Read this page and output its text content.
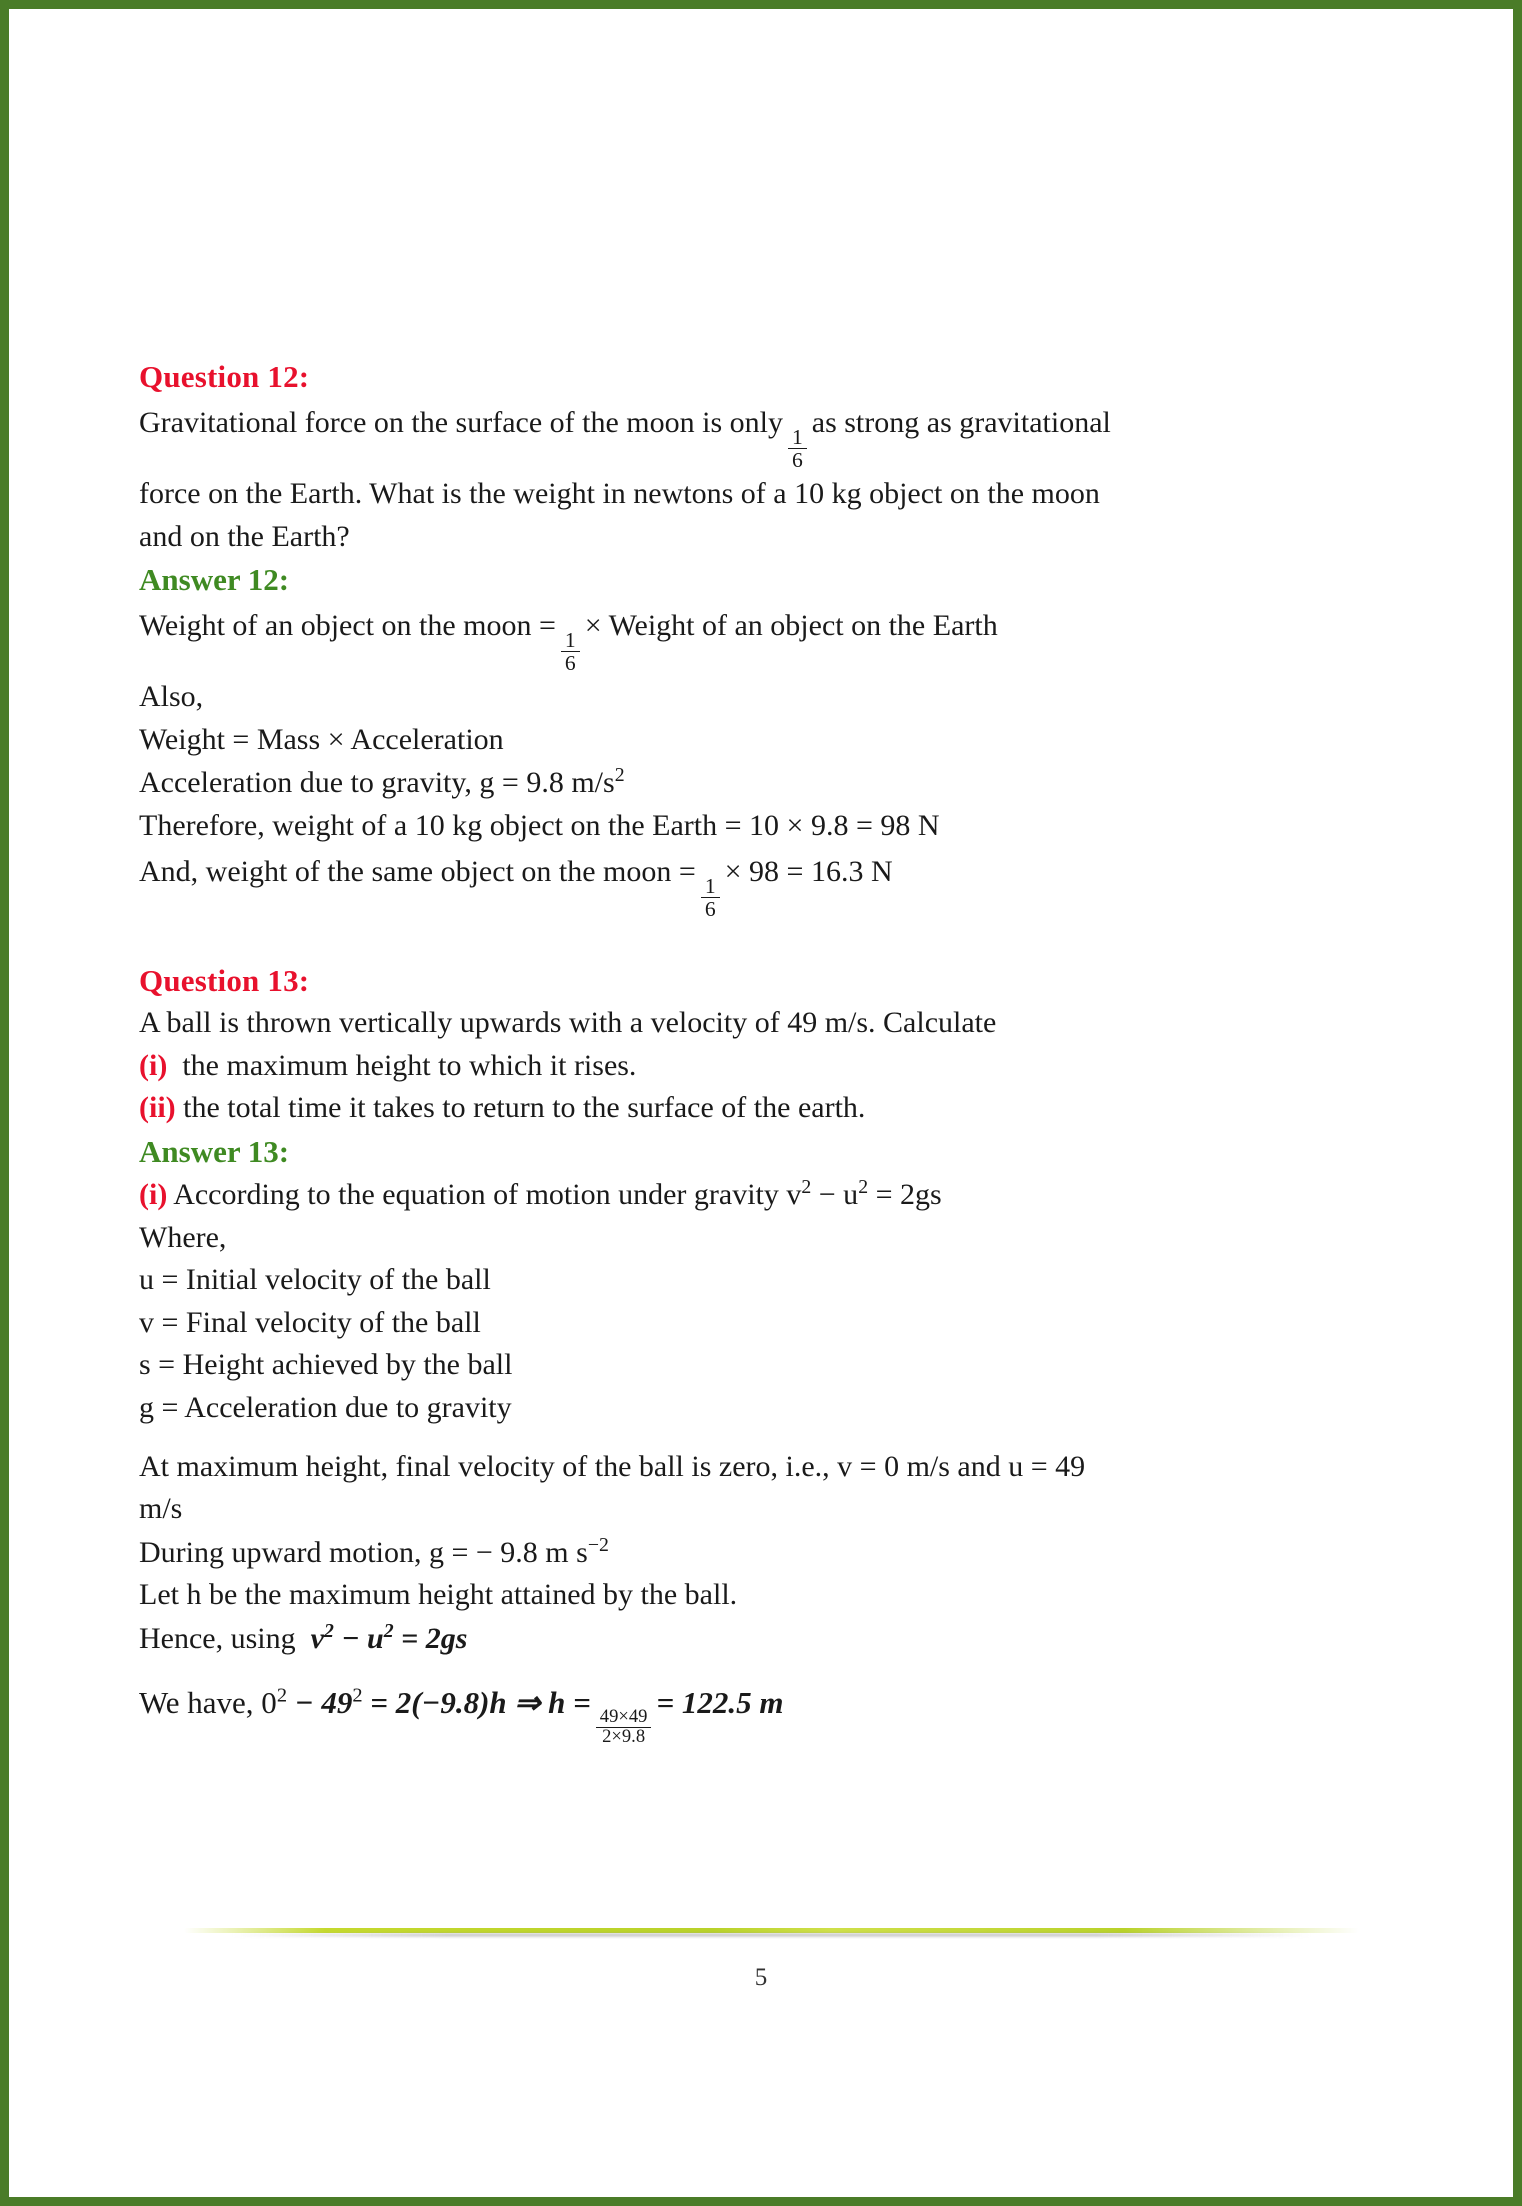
Question 12:
Gravitational force on the surface of the moon is only
$\frac{1}{6}$
as strong as gravitational
force on the Earth. What is the weight in newtons of a 10 kg object on the moon
and on the Earth?
Answer 12:
Weight of an object on the moon =
$\frac{1}{6}$
× Weight of an object on the Earth
Also,
Weight = Mass × Acceleration
Acceleration due to gravity, g = 9.8 $m/s^2$
Therefore, weight of a 10 kg object on the Earth = 10 × 9.8 = 98 N
And, weight of the same object on the moon =
$\frac{1}{6}$
× 98 = 16.3 N
Question 13:
A ball is thrown vertically upwards with a velocity of 49 m/s. Calculate
(i) the maximum height to which it rises.
(ii) the total time it takes to return to the surface of the earth.
Answer 13:
(i) According to the equation of motion under gravity $v^2 - u^2 = 2gs$
Where,
u = Initial velocity of the ball
v = Final velocity of the ball
s = Height achieved by the ball
g = Acceleration due to gravity
At maximum height, final velocity of the ball is zero, i.e., v = 0 m/s and u = 49
m/s
During upward motion, g = − 9.8 m $s^{-2}$
Let h be the maximum height attained by the ball.
Hence, using $v^2 - u^2 = 2gs$
We have, $0^2 - 49^2 = 2(-9.8)h$ ⇒ h =
$\frac{49\times 49}{2\times 9.8}$
= 122.5 m
5
